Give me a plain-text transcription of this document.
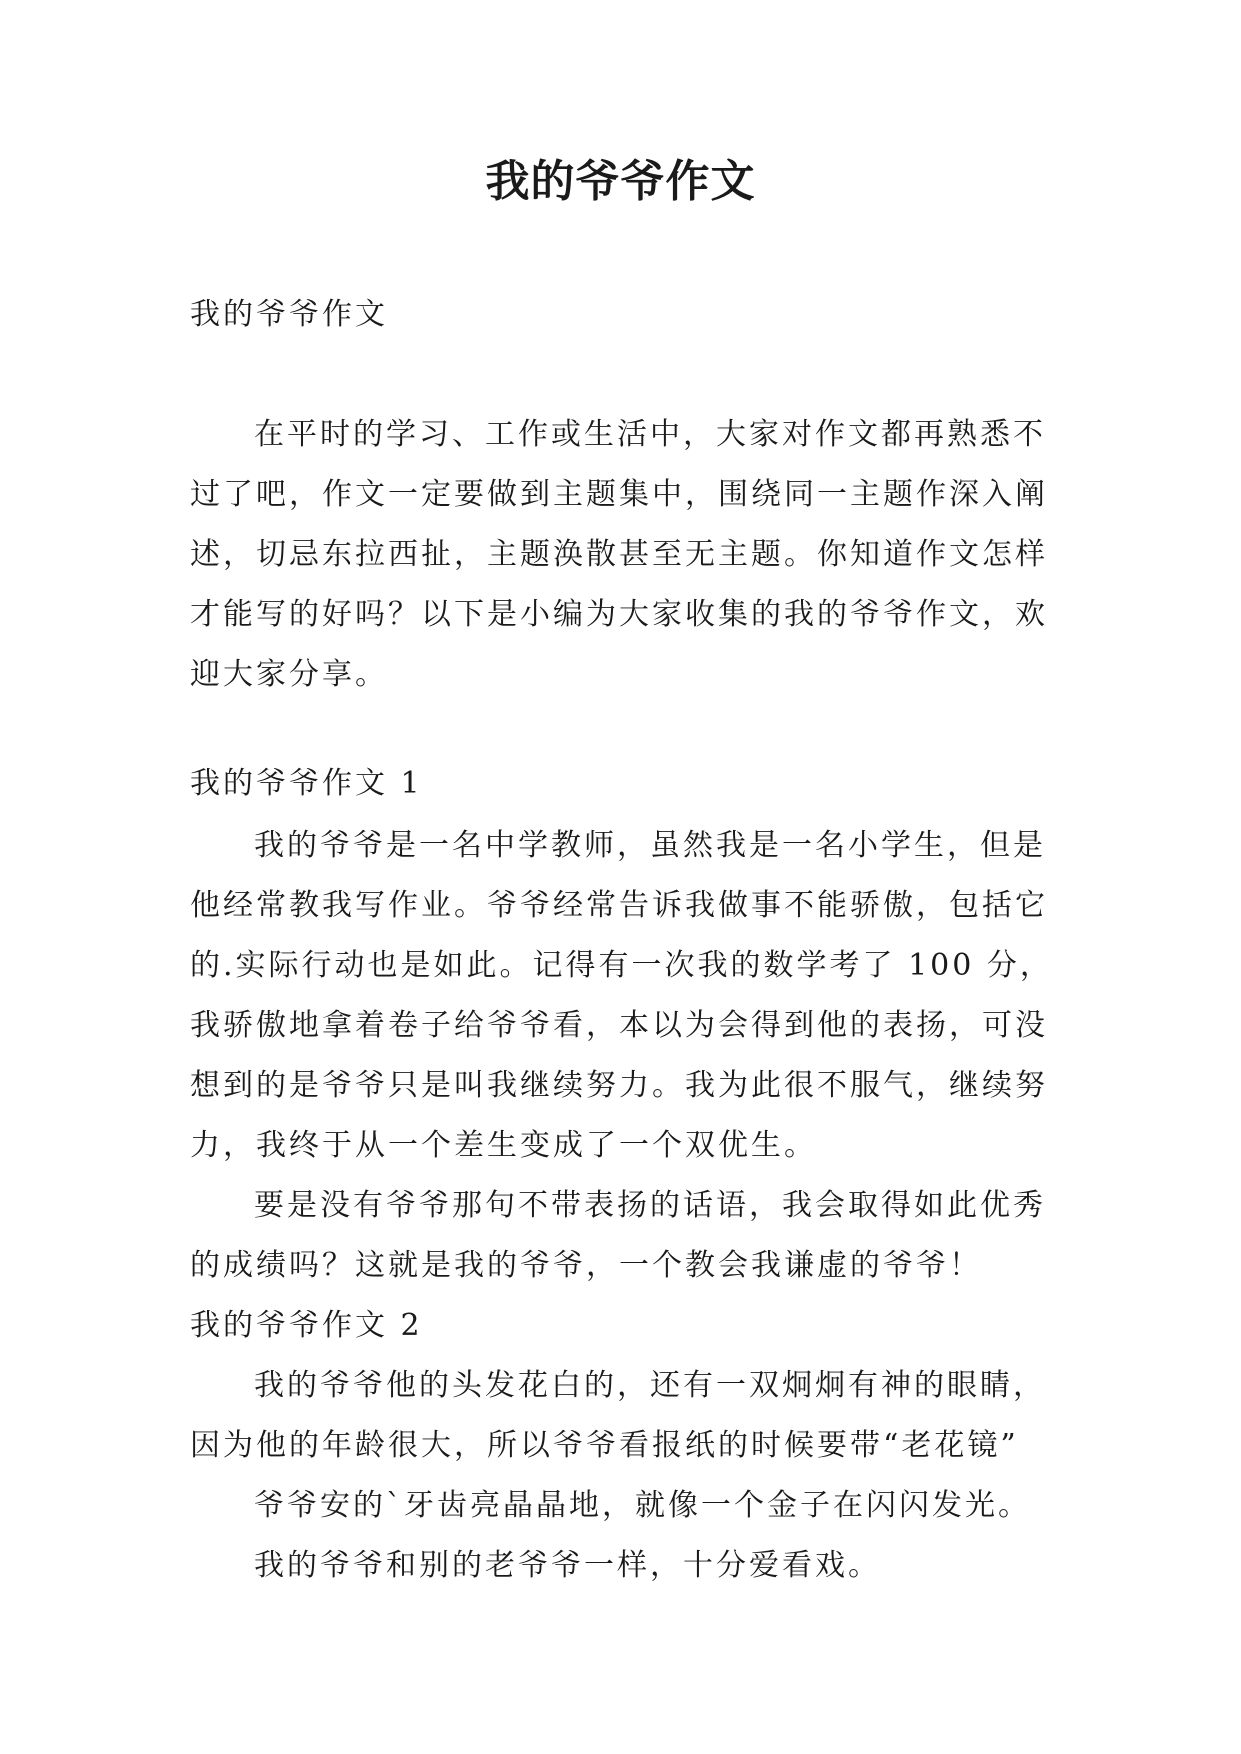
我的爷爷作文
我的爷爷作文
在平时的学习、工作或生活中，大家对作文都再熟悉不
过了吧，作文一定要做到主题集中，围绕同一主题作深入阐
述，切忌东拉西扯，主题涣散甚至无主题。你知道作文怎样
才能写的好吗？以下是小编为大家收集的我的爷爷作文，欢
迎大家分享。
我的爷爷作文 1
我的爷爷是一名中学教师，虽然我是一名小学生，但是
他经常教我写作业。爷爷经常告诉我做事不能骄傲，包括它
的.实际行动也是如此。记得有一次我的数学考了 100 分，
我骄傲地拿着卷子给爷爷看，本以为会得到他的表扬，可没
想到的是爷爷只是叫我继续努力。我为此很不服气，继续努
力，我终于从一个差生变成了一个双优生。
要是没有爷爷那句不带表扬的话语，我会取得如此优秀
的成绩吗？这就是我的爷爷，一个教会我谦虚的爷爷！
我的爷爷作文 2
我的爷爷他的头发花白的，还有一双炯炯有神的眼睛，
因为他的年龄很大，所以爷爷看报纸的时候要带“老花镜”
爷爷安的`牙齿亮晶晶地，就像一个金子在闪闪发光。
我的爷爷和别的老爷爷一样，十分爱看戏。
